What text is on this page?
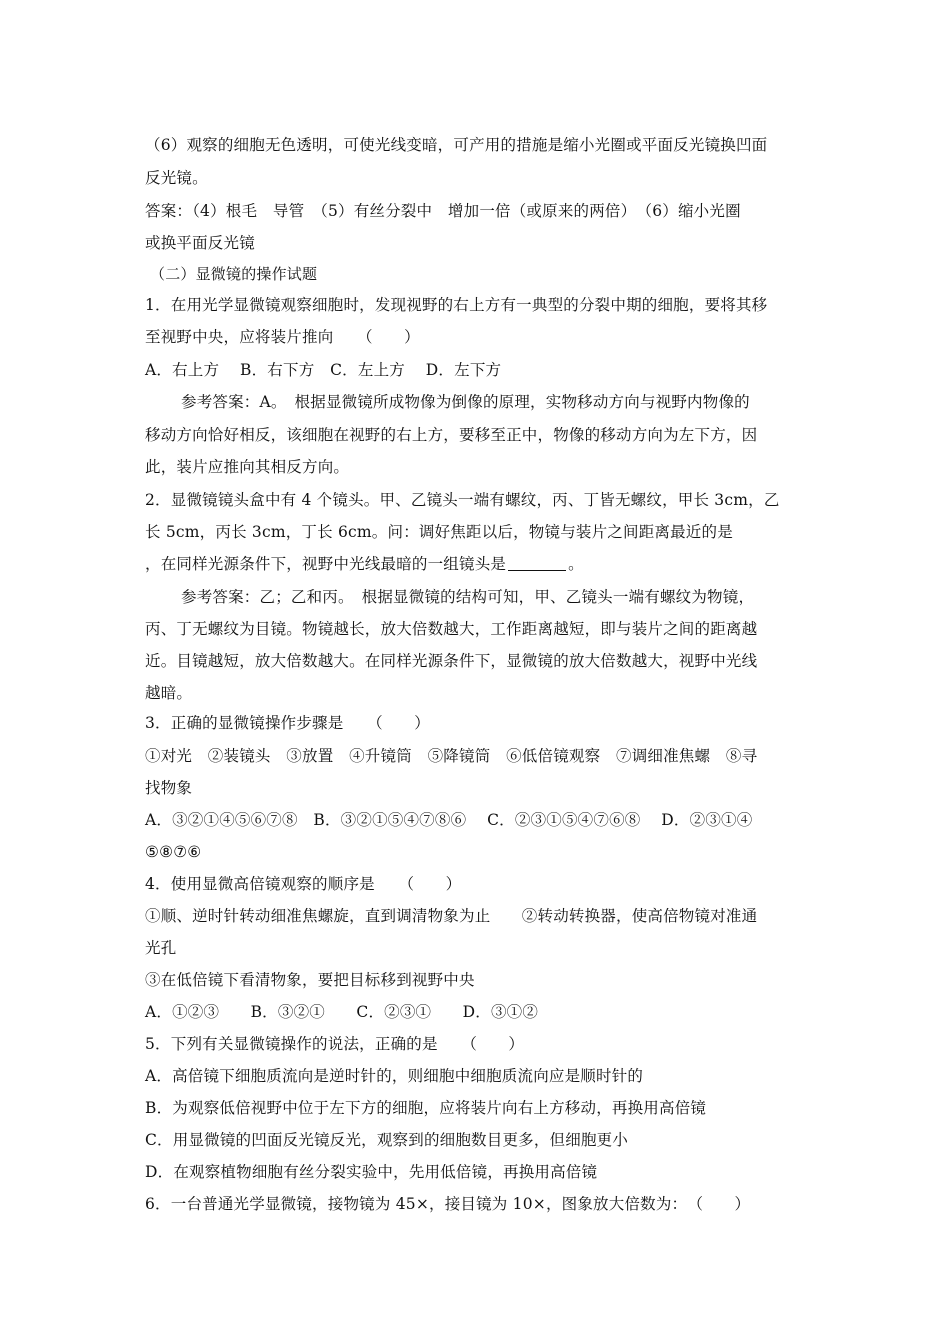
（6）观察的细胞无色透明，可使光线变暗，可产用的措施是缩小光圈或平面反光镜换凹面
反光镜。
答案：（4）根毛　导管　（5）有丝分裂中　增加一倍（或原来的两倍）　（6）缩小光圈
或换平面反光镜
（二）显微镜的操作试题
1．在用光学显微镜观察细胞时，发现视野的右上方有一典型的分裂中期的细胞，要将其移
至视野中央，应将装片推向　　（　　）
A．右上方　 B．右下方　C．左上方　 D．左下方
参考答案：A。　根据显微镜所成物像为倒像的原理，实物移动方向与视野内物像的
移动方向恰好相反，该细胞在视野的右上方，要移至正中，物像的移动方向为左下方，因
此，装片应推向其相反方向。
2．显微镜镜头盒中有 4 个镜头。甲、乙镜头一端有螺纹，丙、丁皆无螺纹，甲长 3cm，乙
长 5cm，丙长 3cm，丁长 6cm。问：调好焦距以后，物镜与装片之间距离最近的是
，在同样光源条件下，视野中光线最暗的一组镜头是	。
参考答案：乙；乙和丙。　根据显微镜的结构可知，甲、乙镜头一端有螺纹为物镜，
丙、丁无螺纹为目镜。物镜越长，放大倍数越大，工作距离越短，即与装片之间的距离越
近。目镜越短，放大倍数越大。在同样光源条件下，显微镜的放大倍数越大，视野中光线
越暗。
3．正确的显微镜操作步骤是　　（　　）
①对光　②装镜头　③放置　④升镜筒　⑤降镜筒　⑥低倍镜观察　⑦调细准焦螺　⑧寻
找物象
A．③②①④⑤⑥⑦⑧　B．③②①⑤④⑦⑧⑥　 C．②③①⑤④⑦⑥⑧　 D．②③①④
⑤⑧⑦⑥
4．使用显微高倍镜观察的顺序是　　（　　）
①顺、逆时针转动细准焦螺旋，直到调清物象为止　　②转动转换器，使高倍物镜对准通
光孔
③在低倍镜下看清物象，要把目标移到视野中央
A．①②③　　B．③②①　　C．②③①　　D．③①②
5．下列有关显微镜操作的说法，正确的是　　（　　）
A．高倍镜下细胞质流向是逆时针的，则细胞中细胞质流向应是顺时针的
B．为观察低倍视野中位于左下方的细胞，应将装片向右上方移动，再换用高倍镜
C．用显微镜的凹面反光镜反光，观察到的细胞数目更多，但细胞更小
D．在观察植物细胞有丝分裂实验中，先用低倍镜，再换用高倍镜
6．一台普通光学显微镜，接物镜为 45×，接目镜为 10×，图象放大倍数为：　（　　）
